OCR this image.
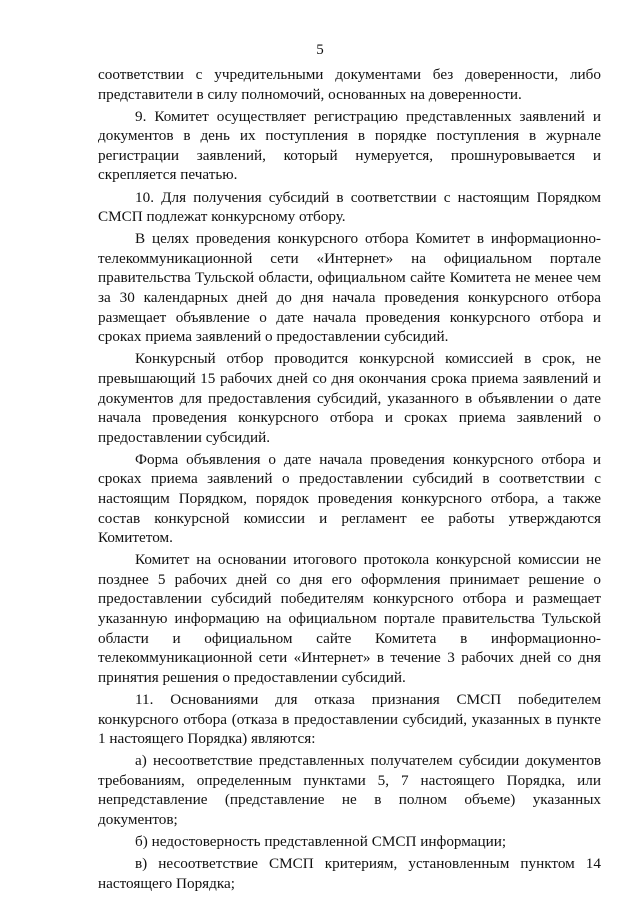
5

соответствии с учредительными документами без доверенности, либо представители в силу полномочий, основанных на доверенности.

9. Комитет осуществляет регистрацию представленных заявлений и документов в день их поступления в порядке поступления в журнале регистрации заявлений, который нумеруется, прошнуровывается и скрепляется печатью.

10. Для получения субсидий в соответствии с настоящим Порядком СМСП подлежат конкурсному отбору.

В целях проведения конкурсного отбора Комитет в информационно-телекоммуникационной сети «Интернет» на официальном портале правительства Тульской области, официальном сайте Комитета не менее чем за 30 календарных дней до дня начала проведения конкурсного отбора размещает объявление о дате начала проведения конкурсного отбора и сроках приема заявлений о предоставлении субсидий.

Конкурсный отбор проводится конкурсной комиссией в срок, не превышающий 15 рабочих дней со дня окончания срока приема заявлений и документов для предоставления субсидий, указанного в объявлении о дате начала проведения конкурсного отбора и сроках приема заявлений о предоставлении субсидий.

Форма объявления о дате начала проведения конкурсного отбора и сроках приема заявлений о предоставлении субсидий в соответствии с настоящим Порядком, порядок проведения конкурсного отбора, а также состав конкурсной комиссии и регламент ее работы утверждаются Комитетом.

Комитет на основании итогового протокола конкурсной комиссии не позднее 5 рабочих дней со дня его оформления принимает решение о предоставлении субсидий победителям конкурсного отбора и размещает указанную информацию на официальном портале правительства Тульской области и официальном сайте Комитета в информационно-телекоммуникационной сети «Интернет» в течение 3 рабочих дней со дня принятия решения о предоставлении субсидий.

11. Основаниями для отказа признания СМСП победителем конкурсного отбора (отказа в предоставлении субсидий, указанных в пункте 1 настоящего Порядка) являются:

а) несоответствие представленных получателем субсидии документов требованиям, определенным пунктами 5, 7 настоящего Порядка, или непредставление (представление не в полном объеме) указанных документов;

б) недостоверность представленной СМСП информации;

в) несоответствие СМСП критериям, установленным пунктом 14 настоящего Порядка;
